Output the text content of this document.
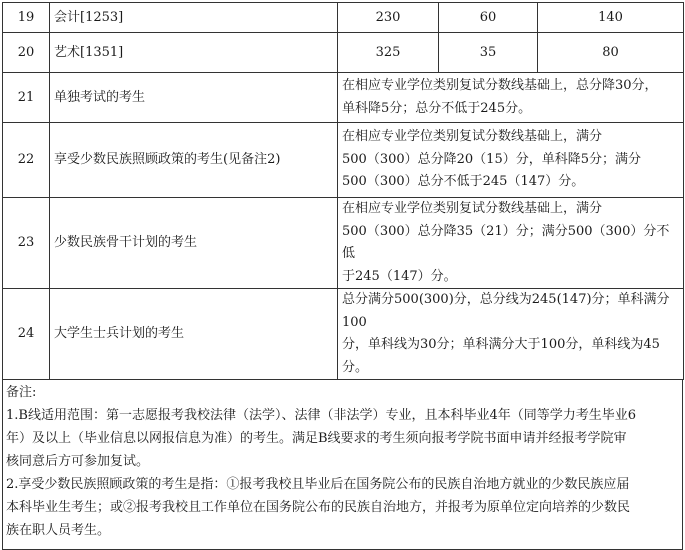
19	会计[1253]	230	60	140
20	艺术[1351]	325	35	80
21	单独考试的考生	在相应专业学位类别复试分数线基础上，总分降30分，
单科降5分；总分不低于245分。		

22	享受少数民族照顾政策的考生(见备注2)	在相应专业学位类别复试分数线基础上，满分
500（300）总分降20（15）分，单科降5分；满分
500（300）总分不低于245（147）分。		

23	少数民族骨干计划的考生	在相应专业学位类别复试分数线基础上，满分
500（300）总分降35（21）分；满分500（300）分不低
于245（147）分。		

24	大学生士兵计划的考生	总分满分500(300)分，总分线为245(147)分；单科满分100
分，单科线为30分；单科满分大于100分，单科线为45
分。		

备注:

1.B线适用范围：第一志愿报考我校法律（法学）、法律（非法学）专业，且本科毕业4年（同等学力考生毕业6

年）及以上（毕业信息以网报信息为准）的考生。满足B线要求的考生须向报考学院书面申请并经报考学院审

核同意后方可参加复试。

2.享受少数民族照顾政策的考生是指：①报考我校且毕业后在国务院公布的民族自治地方就业的少数民族应届

本科毕业生考生；或②报考我校且工作单位在国务院公布的民族自治地方，并报考为原单位定向培养的少数民

族在职人员考生。
